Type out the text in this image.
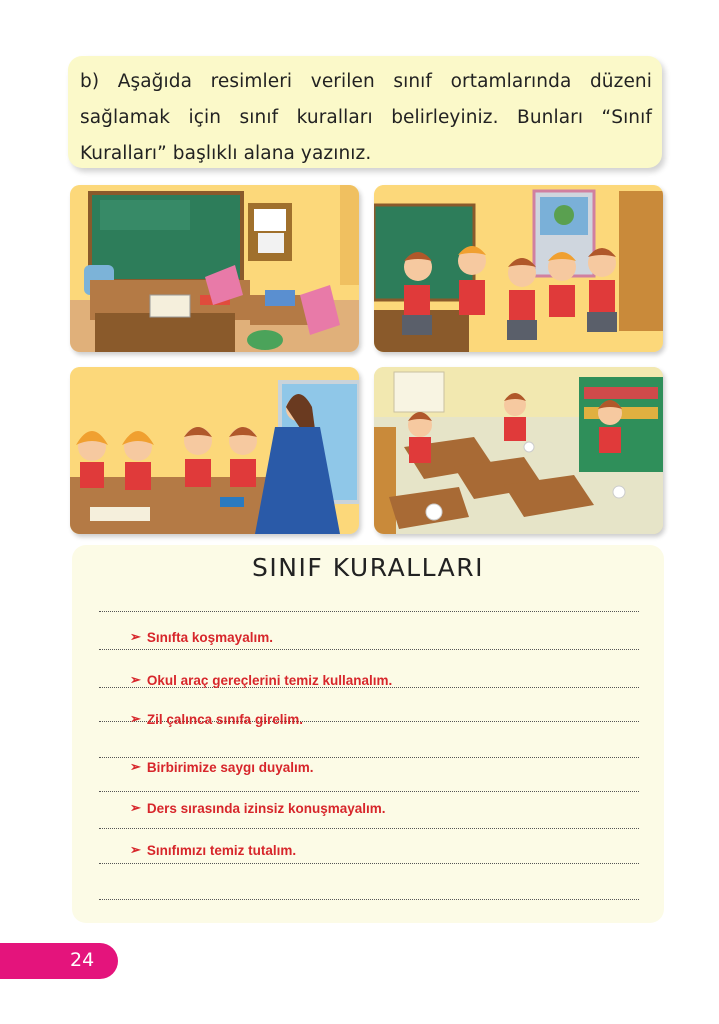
b) Aşağıda resimleri verilen sınıf ortamlarında düzeni sağlamak için sınıf kuralları belirleyiniz. Bunları “Sınıf Kuralları” başlıklı alana yazınız.
SINIF KURALLARI
➢ Sınıfta koşmayalım.
➢ Okul araç gereçlerini temiz kullanalım.
➢ Zil çalınca sınıfa girelim.
➢ Birbirimize saygı duyalım.
➢ Ders sırasında izinsiz konuşmayalım.
➢ Sınıfımızı temiz tutalım.
24
